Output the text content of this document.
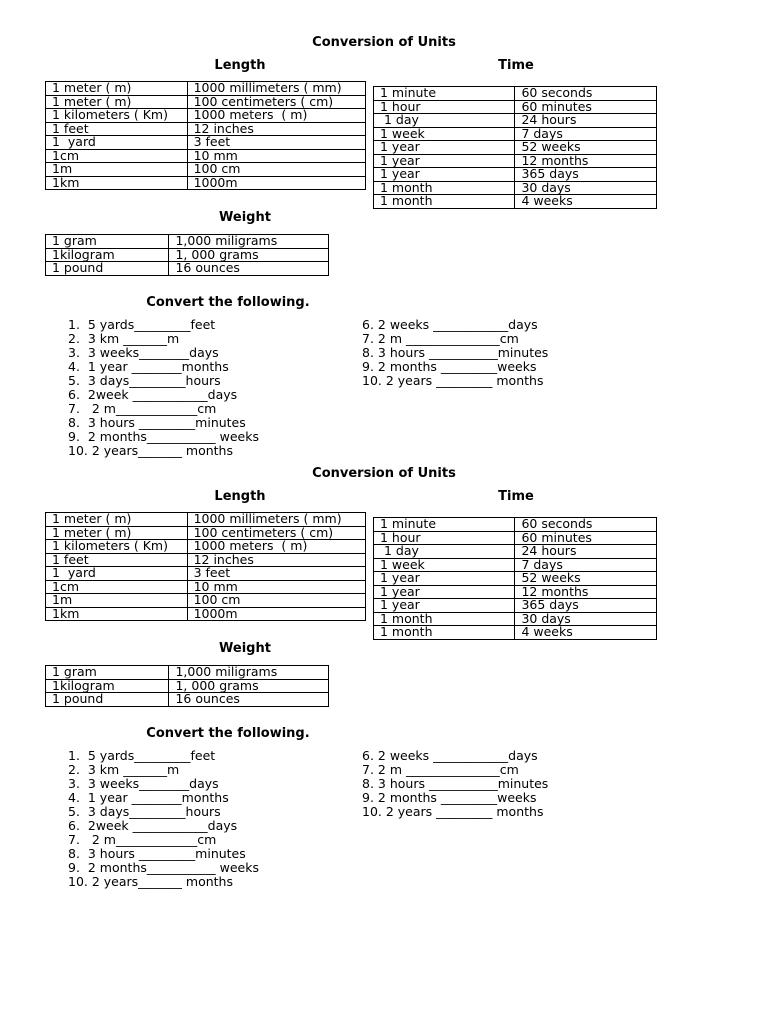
Conversion of Units
Length	Time
1 meter ( m)	1000 millimeters ( mm)
1 meter ( m)	100 centimeters ( cm)
1 kilometers ( Km)	1000 meters  ( m)
1 feet	12 inches
1  yard	3 feet
1cm	10 mm
1m	100 cm
1km	1000m
1 minute	60 seconds
1 hour	60 minutes
1 day	24 hours
1 week	7 days
1 year	52 weeks
1 year	12 months
1 year	365 days
1 month	30 days
1 month	4 weeks
Weight
1 gram	1,000 miligrams
1kilogram	1, 000 grams
1 pound	16 ounces
Convert the following.
1.  5 yards_________feet
2.  3 km _______m
3.  3 weeks________days
4.  1 year ________months
5.  3 days_________hours
6.  2week ____________days
7.   2 m_____________cm
8.  3 hours _________minutes
9.  2 months___________ weeks
10. 2 years_______ months
6. 2 weeks ____________days
7. 2 m _______________cm
8. 3 hours ___________minutes
9. 2 months _________weeks
10. 2 years _________ months
Conversion of Units
Length	Time
1 meter ( m)	1000 millimeters ( mm)
1 meter ( m)	100 centimeters ( cm)
1 kilometers ( Km)	1000 meters  ( m)
1 feet	12 inches
1  yard	3 feet
1cm	10 mm
1m	100 cm
1km	1000m
1 minute	60 seconds
1 hour	60 minutes
1 day	24 hours
1 week	7 days
1 year	52 weeks
1 year	12 months
1 year	365 days
1 month	30 days
1 month	4 weeks
Weight
1 gram	1,000 miligrams
1kilogram	1, 000 grams
1 pound	16 ounces
Convert the following.
1.  5 yards_________feet
2.  3 km _______m
3.  3 weeks________days
4.  1 year ________months
5.  3 days_________hours
6.  2week ____________days
7.   2 m_____________cm
8.  3 hours _________minutes
9.  2 months___________ weeks
10. 2 years_______ months
6. 2 weeks ____________days
7. 2 m _______________cm
8. 3 hours ___________minutes
9. 2 months _________weeks
10. 2 years _________ months
